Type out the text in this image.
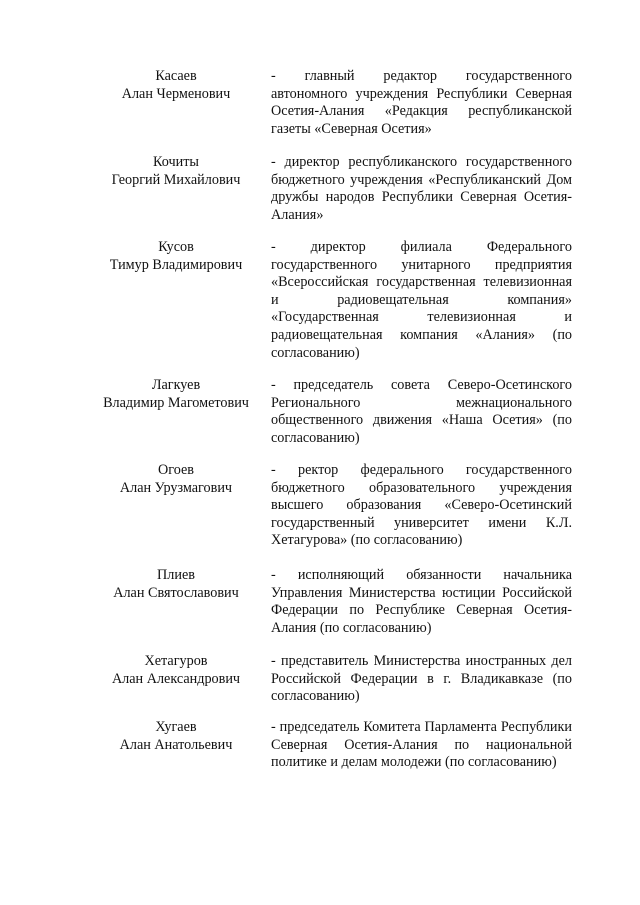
Касаев
Алан Черменович
- главный редактор государственного автономного учреждения Республики Северная Осетия-Алания «Редакция республиканской газеты «Северная Осетия»
Кочиты
Георгий Михайлович
- директор республиканского государственного бюджетного учреждения «Республиканский Дом дружбы народов Республики Северная Осетия-Алания»
Кусов
Тимур Владимирович
- директор филиала Федерального государственного унитарного предприятия «Всероссийская государственная телевизионная и радиовещательная компания» «Государственная телевизионная и радиовещательная компания «Алания» (по согласованию)
Лагкуев
Владимир Магометович
- председатель совета Северо-Осетинского Регионального межнационального общественного движения «Наша Осетия» (по согласованию)
Огоев
Алан Урузмагович
- ректор федерального государственного бюджетного образовательного учреждения высшего образования «Северо-Осетинский государственный университет имени К.Л. Хетагурова» (по согласованию)
Плиев
Алан Святославович
- исполняющий обязанности начальника Управления Министерства юстиции Российской Федерации по Республике Северная Осетия-Алания (по согласованию)
Хетагуров
Алан Александрович
- представитель Министерства иностранных дел Российской Федерации в г. Владикавказе (по согласованию)
Хугаев
Алан Анатольевич
- председатель Комитета Парламента Республики Северная Осетия-Алания по национальной политике и делам молодежи (по согласованию)
